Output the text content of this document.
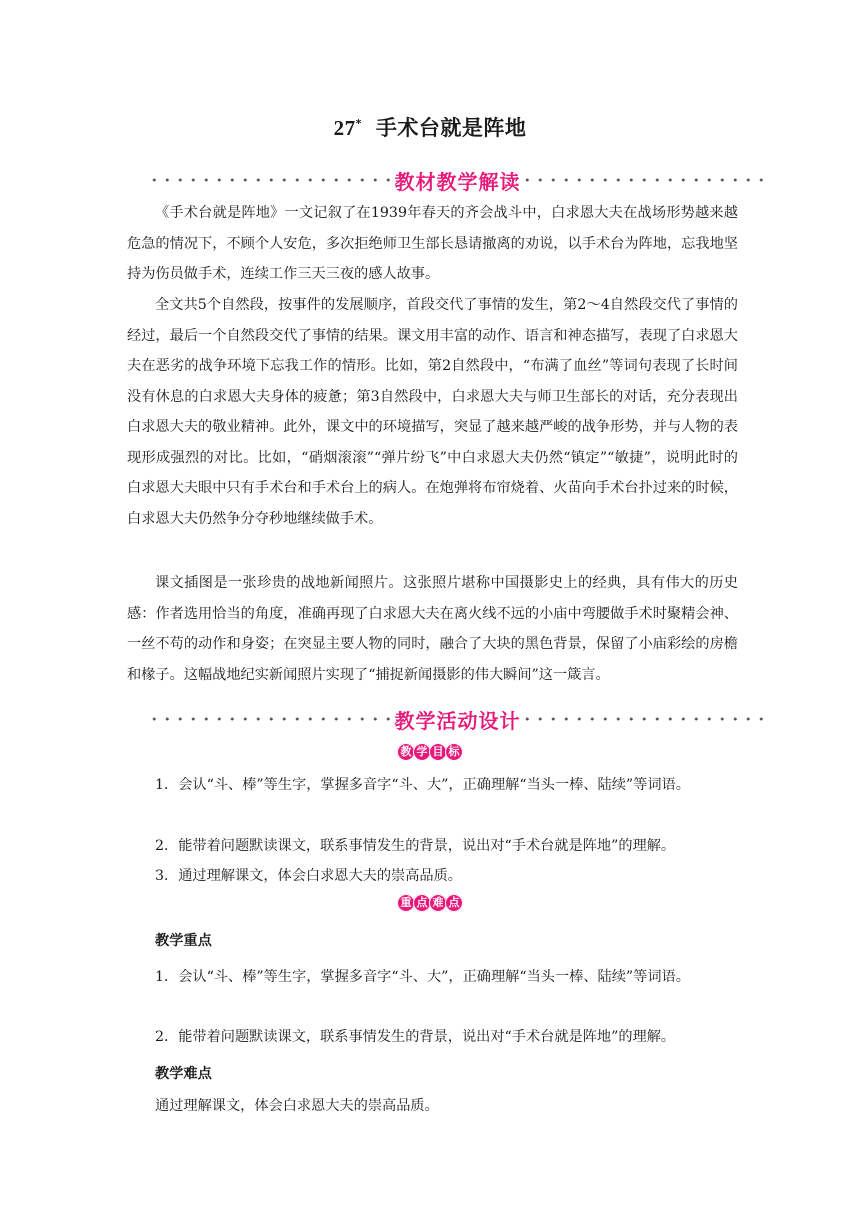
27* 手术台就是阵地
教材教学解读

《手术台就是阵地》一文记叙了在1939年春天的齐会战斗中，白求恩大夫在战场形势越来越危急的情况下，不顾个人安危，多次拒绝师卫生部长恳请撤离的劝说，以手术台为阵地，忘我地坚持为伤员做手术，连续工作三天三夜的感人故事。

全文共5个自然段，按事件的发展顺序，首段交代了事情的发生，第2～4自然段交代了事情的经过，最后一个自然段交代了事情的结果。课文用丰富的动作、语言和神态描写，表现了白求恩大夫在恶劣的战争环境下忘我工作的情形。比如，第2自然段中，“布满了血丝”等词句表现了长时间没有休息的白求恩大夫身体的疲惫；第3自然段中，白求恩大夫与师卫生部长的对话，充分表现出白求恩大夫的敬业精神。此外，课文中的环境描写，突显了越来越严峻的战争形势，并与人物的表现形成强烈的对比。比如，“硝烟滚滚”“弹片纷飞”中白求恩大夫仍然“镇定”“敏捷”，说明此时的白求恩大夫眼中只有手术台和手术台上的病人。在炮弹将布帘烧着、火苗向手术台扑过来的时候，白求恩大夫仍然争分夺秒地继续做手术。

课文插图是一张珍贵的战地新闻照片。这张照片堪称中国摄影史上的经典，具有伟大的历史感：作者选用恰当的角度，准确再现了白求恩大夫在离火线不远的小庙中弯腰做手术时聚精会神、一丝不苟的动作和身姿；在突显主要人物的同时，融合了大块的黑色背景，保留了小庙彩绘的房檐和椽子。这幅战地纪实新闻照片实现了“捕捉新闻摄影的伟大瞬间”这一箴言。

教学活动设计
教 学 目 标

1．会认“斗、棒”等生字，掌握多音字“斗、大”，正确理解“当头一棒、陆续”等词语。

2．能带着问题默读课文，联系事情发生的背景，说出对“手术台就是阵地”的理解。

3．通过理解课文，体会白求恩大夫的崇高品质。

重 点 难 点

教学重点

1．会认“斗、棒”等生字，掌握多音字“斗、大”，正确理解“当头一棒、陆续”等词语。

2．能带着问题默读课文，联系事情发生的背景，说出对“手术台就是阵地”的理解。

教学难点

通过理解课文，体会白求恩大夫的崇高品质。
